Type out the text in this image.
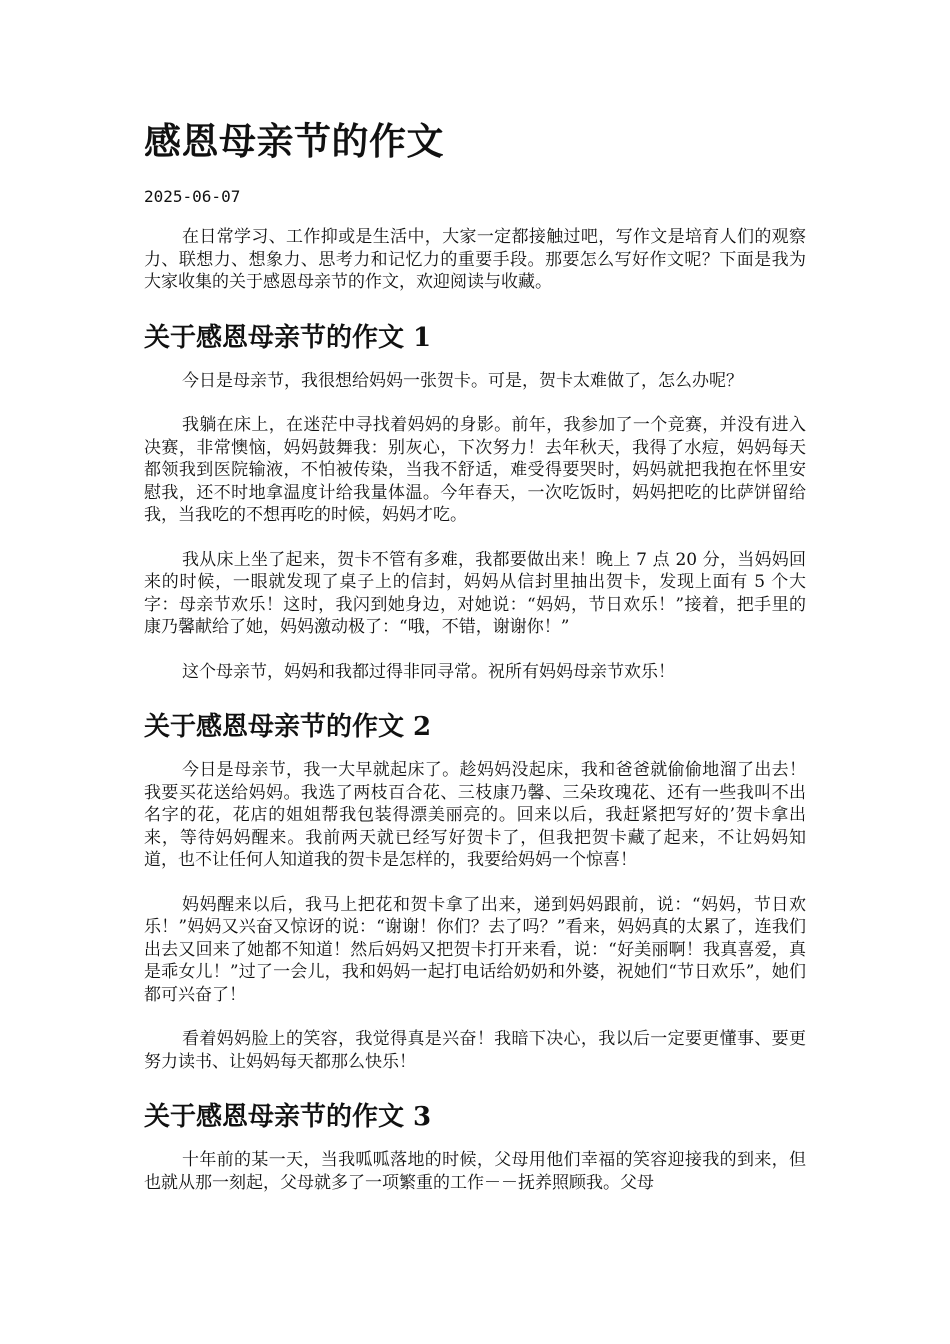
感恩母亲节的作文
2025-06-07

在日常学习、工作抑或是生活中，大家一定都接触过吧，写作文是培育人们的观察力、联想力、想象力、思考力和记忆力的重要手段。那要怎么写好作文呢？下面是我为大家收集的关于感恩母亲节的作文，欢迎阅读与收藏。

关于感恩母亲节的作文 1

今日是母亲节，我很想给妈妈一张贺卡。可是，贺卡太难做了，怎么办呢？

我躺在床上，在迷茫中寻找着妈妈的身影。前年，我参加了一个竞赛，并没有进入决赛，非常懊恼，妈妈鼓舞我：别灰心，下次努力！去年秋天，我得了水痘，妈妈每天都领我到医院输液，不怕被传染，当我不舒适，难受得要哭时，妈妈就把我抱在怀里安慰我，还不时地拿温度计给我量体温。今年春天，一次吃饭时，妈妈把吃的比萨饼留给我，当我吃的不想再吃的时候，妈妈才吃。

我从床上坐了起来，贺卡不管有多难，我都要做出来！晚上 7 点 20 分，当妈妈回来的时候，一眼就发现了桌子上的信封，妈妈从信封里抽出贺卡，发现上面有 5 个大字：母亲节欢乐！这时，我闪到她身边，对她说：“妈妈，节日欢乐！”接着，把手里的康乃馨献给了她，妈妈激动极了：“哦，不错，谢谢你！”

这个母亲节，妈妈和我都过得非同寻常。祝所有妈妈母亲节欢乐！

关于感恩母亲节的作文 2

今日是母亲节，我一大早就起床了。趁妈妈没起床，我和爸爸就偷偷地溜了出去！我要买花送给妈妈。我选了两枝百合花、三枝康乃馨、三朵玫瑰花、还有一些我叫不出名字的花，花店的姐姐帮我包装得漂美丽亮的。回来以后，我赶紧把写好的’贺卡拿出来，等待妈妈醒来。我前两天就已经写好贺卡了，但我把贺卡藏了起来，不让妈妈知道，也不让任何人知道我的贺卡是怎样的，我要给妈妈一个惊喜！

妈妈醒来以后，我马上把花和贺卡拿了出来，递到妈妈跟前，说：“妈妈，节日欢乐！”妈妈又兴奋又惊讶的说：“谢谢！你们？去了吗？”看来，妈妈真的太累了，连我们出去又回来了她都不知道！然后妈妈又把贺卡打开来看，说：“好美丽啊！我真喜爱，真是乖女儿！”过了一会儿，我和妈妈一起打电话给奶奶和外婆，祝她们“节日欢乐”，她们都可兴奋了！

看着妈妈脸上的笑容，我觉得真是兴奋！我暗下决心，我以后一定要更懂事、要更努力读书、让妈妈每天都那么快乐！

关于感恩母亲节的作文 3

十年前的某一天，当我呱呱落地的时候，父母用他们幸福的笑容迎接我的到来，但也就从那一刻起，父母就多了一项繁重的工作－－抚养照顾我。父母
